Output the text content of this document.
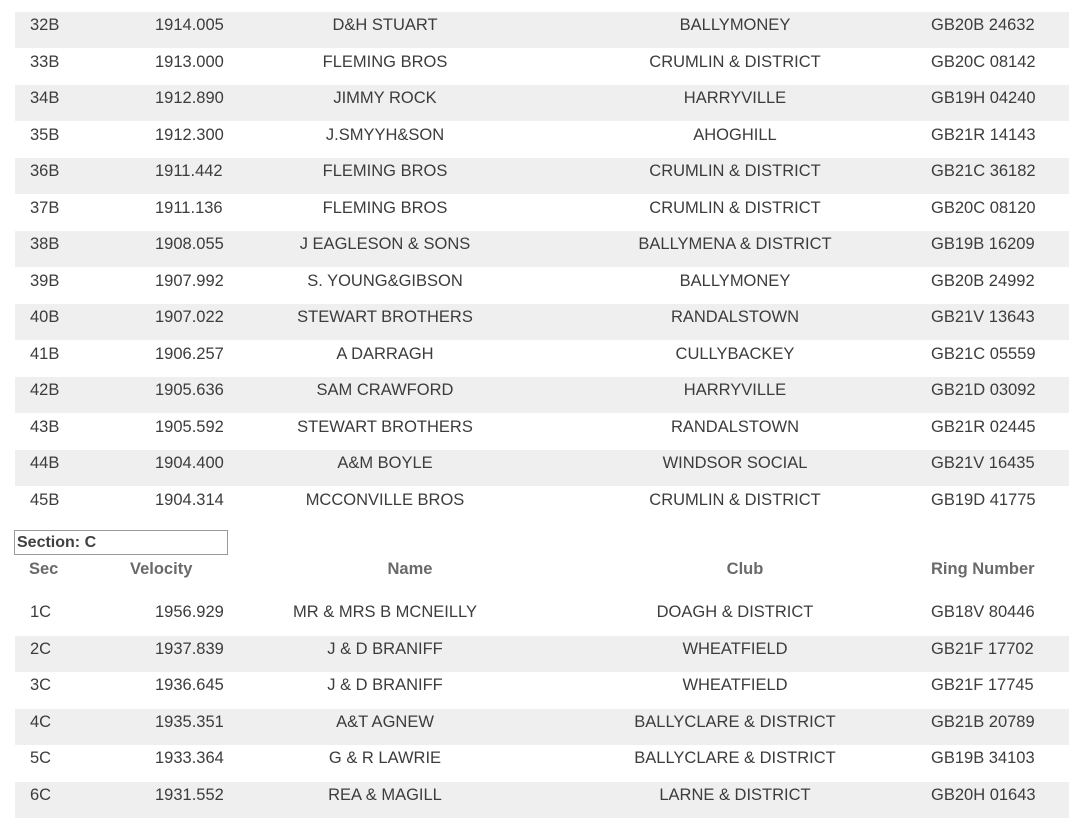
32B	1914.005	D&H STUART	BALLYMONEY	GB20B 24632
33B	1913.000	FLEMING BROS	CRUMLIN & DISTRICT	GB20C 08142
34B	1912.890	JIMMY ROCK	HARRYVILLE	GB19H 04240
35B	1912.300	J.SMYYH&SON	AHOGHILL	GB21R 14143
36B	1911.442	FLEMING BROS	CRUMLIN & DISTRICT	GB21C 36182
37B	1911.136	FLEMING BROS	CRUMLIN & DISTRICT	GB20C 08120
38B	1908.055	J EAGLESON & SONS	BALLYMENA & DISTRICT	GB19B 16209
39B	1907.992	S. YOUNG&GIBSON	BALLYMONEY	GB20B 24992
40B	1907.022	STEWART BROTHERS	RANDALSTOWN	GB21V 13643
41B	1906.257	A DARRAGH	CULLYBACKEY	GB21C 05559
42B	1905.636	SAM CRAWFORD	HARRYVILLE	GB21D 03092
43B	1905.592	STEWART BROTHERS	RANDALSTOWN	GB21R 02445
44B	1904.400	A&M BOYLE	WINDSOR SOCIAL	GB21V 16435
45B	1904.314	MCCONVILLE BROS	CRUMLIN & DISTRICT	GB19D 41775
Section: C
Sec	Velocity	Name	Club	Ring Number
1C	1956.929	MR & MRS B MCNEILLY	DOAGH & DISTRICT	GB18V 80446
2C	1937.839	J & D BRANIFF	WHEATFIELD	GB21F 17702
3C	1936.645	J & D BRANIFF	WHEATFIELD	GB21F 17745
4C	1935.351	A&T AGNEW	BALLYCLARE & DISTRICT	GB21B 20789
5C	1933.364	G & R LAWRIE	BALLYCLARE & DISTRICT	GB19B 34103
6C	1931.552	REA & MAGILL	LARNE & DISTRICT	GB20H 01643
